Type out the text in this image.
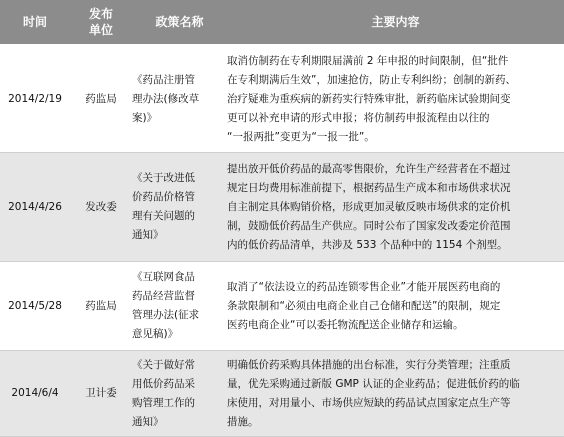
时间	发布
单位	政策名称	主要内容
2014/2/19	药监局	《药品注册管
理办法(修改草
案)》	取消仿制药在专利期限届满前 2 年申报的时间限制，但“批件
在专利期满后生效”，加速抢仿，防止专利纠纷；创制的新药、
治疗疑难为重疾病的新药实行特殊审批，新药临床试验期间变
更可以补充申请的形式申报；将仿制药申报流程由以往的
“一报两批”变更为“一报一批”。

2014/4/26	发改委	《关于改进低
价药品价格管
理有关问题的
通知》	提出放开低价药品的最高零售限价，允许生产经营者在不超过
规定日均费用标准前提下，根据药品生产成本和市场供求状况
自主制定具体购销价格，形成更加灵敏反映市场供求的定价机
制，鼓励低价药品生产供应。同时公布了国家发改委定价范围
内的低价药品清单，共涉及 533 个品种中的 1154 个剂型。

2014/5/28	药监局	《互联网食品
药品经营监督
管理办法(征求
意见稿)》	取消了“依法设立的药品连锁零售企业”才能开展医药电商的
条款限制和“必须由电商企业自己仓储和配送”的限制，规定
医药电商企业“可以委托物流配送企业储存和运输。

2014/6/4	卫计委	《关于做好常
用低价药品采
购管理工作的
通知》	明确低价药采购具体措施的出台标准，实行分类管理；注重质
量，优先采购通过新版 GMP 认证的企业药品；促进低价药的临
床使用，对用量小、市场供应短缺的药品试点国家定点生产等
措施。
